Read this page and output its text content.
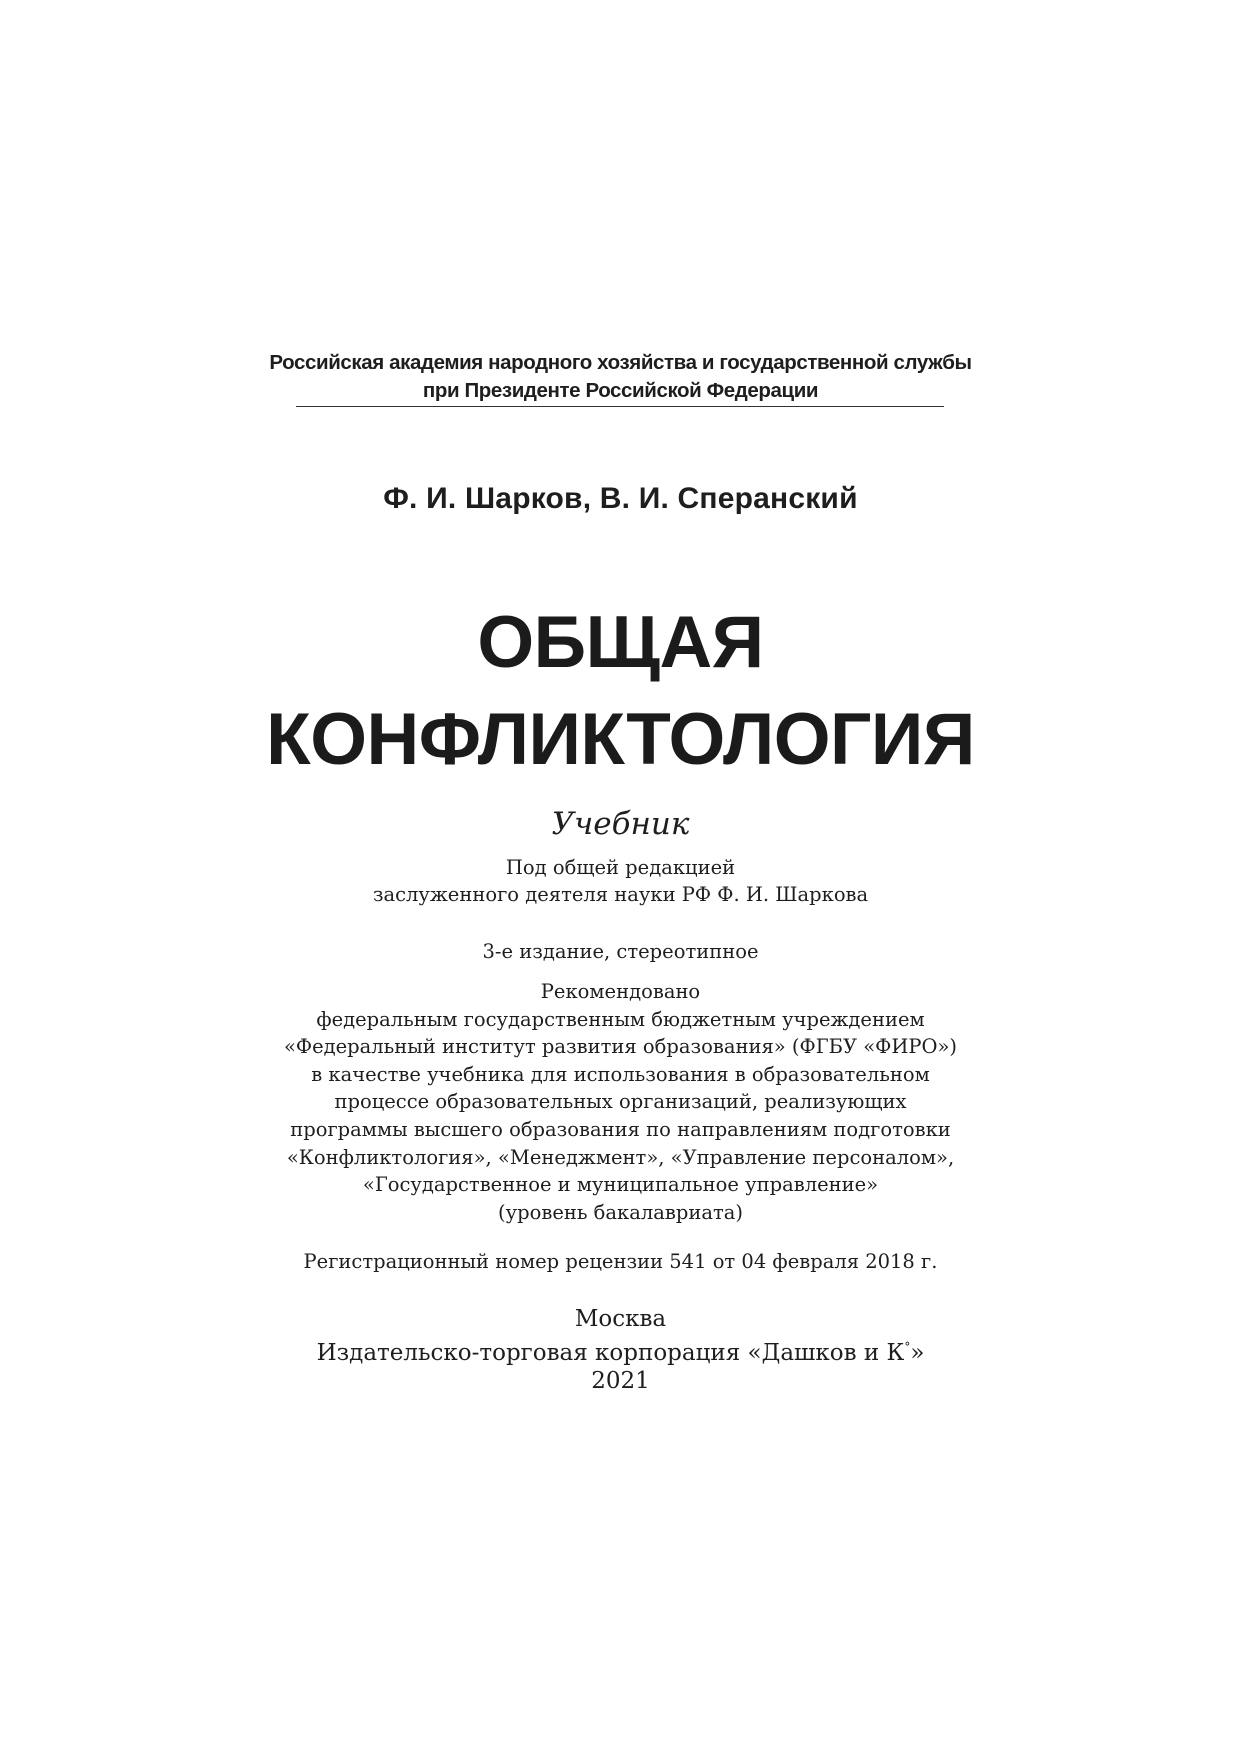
Российская академия народного хозяйства и государственной службы
при Президенте Российской Федерации
Ф. И. Шарков, В. И. Сперанский
ОБЩАЯ
КОНФЛИКТОЛОГИЯ
Учебник
Под общей редакцией
заслуженного деятеля науки РФ Ф. И. Шаркова
3-е издание, стереотипное
Рекомендовано
федеральным государственным бюджетным учреждением
«Федеральный институт развития образования» (ФГБУ «ФИРО»)
в качестве учебника для использования в образовательном
процессе образовательных организаций, реализующих
программы высшего образования по направлениям подготовки
«Конфликтология», «Менеджмент», «Управление персоналом»,
«Государственное и муниципальное управление»
(уровень бакалавриата)
Регистрационный номер рецензии 541 от 04 февраля 2018 г.
Москва
Издательско-торговая корпорация «Дашков и К°»
2021
